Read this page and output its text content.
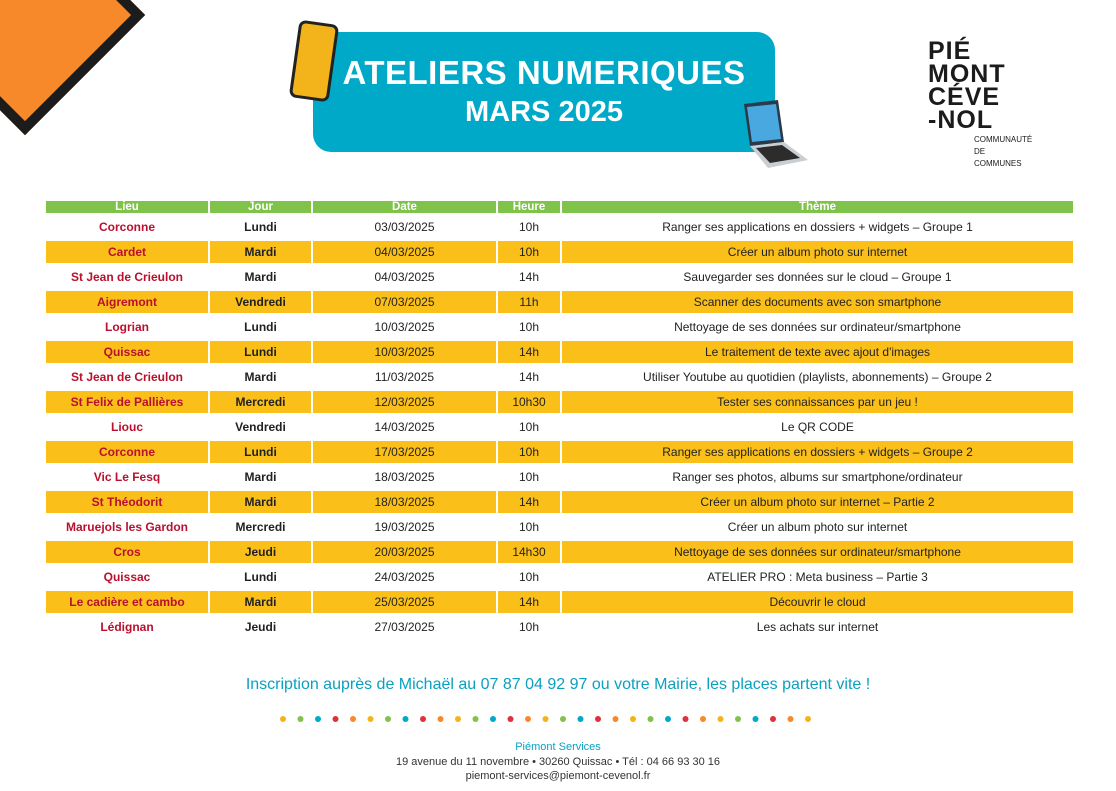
ATELIERS NUMERIQUES
MARS 2025
PIÉ MONT
CÉVE
-NOL
COMMUNAUTÉ
DE
COMMUNES
Lieu	Jour	Date	Heure	Thème
Corconne	Lundi	03/03/2025	10h	Ranger ses applications en dossiers + widgets – Groupe 1
Cardet	Mardi	04/03/2025	10h	Créer un album photo sur internet
St Jean de Crieulon	Mardi	04/03/2025	14h	Sauvegarder ses données sur le cloud – Groupe 1
Aigremont	Vendredi	07/03/2025	11h	Scanner des documents avec son smartphone
Logrian	Lundi	10/03/2025	10h	Nettoyage de ses données sur ordinateur/smartphone
Quissac	Lundi	10/03/2025	14h	Le traitement de texte avec ajout d'images
St Jean de Crieulon	Mardi	11/03/2025	14h	Utiliser Youtube au quotidien (playlists, abonnements) – Groupe 2
St Felix de Pallières	Mercredi	12/03/2025	10h30	Tester ses connaissances par un jeu !
Liouc	Vendredi	14/03/2025	10h	Le QR CODE
Corconne	Lundi	17/03/2025	10h	Ranger ses applications en dossiers + widgets – Groupe 2
Vic Le Fesq	Mardi	18/03/2025	10h	Ranger ses photos, albums sur smartphone/ordinateur
St Théodorit	Mardi	18/03/2025	14h	Créer un album photo sur internet – Partie 2
Maruejols les Gardon	Mercredi	19/03/2025	10h	Créer un album photo sur internet
Cros	Jeudi	20/03/2025	14h30	Nettoyage de ses données sur ordinateur/smartphone
Quissac	Lundi	24/03/2025	10h	ATELIER PRO : Meta business – Partie 3
Le cadière et cambo	Mardi	25/03/2025	14h	Découvrir le cloud
Lédignan	Jeudi	27/03/2025	10h	Les achats sur internet
Inscription auprès de Michaël au 07 87 04 92 97 ou votre Mairie, les places partent vite !
Piémont Services
19 avenue du 11 novembre • 30260 Quissac • Tél : 04 66 93 30 16
piemont-services@piemont-cevenol.fr
